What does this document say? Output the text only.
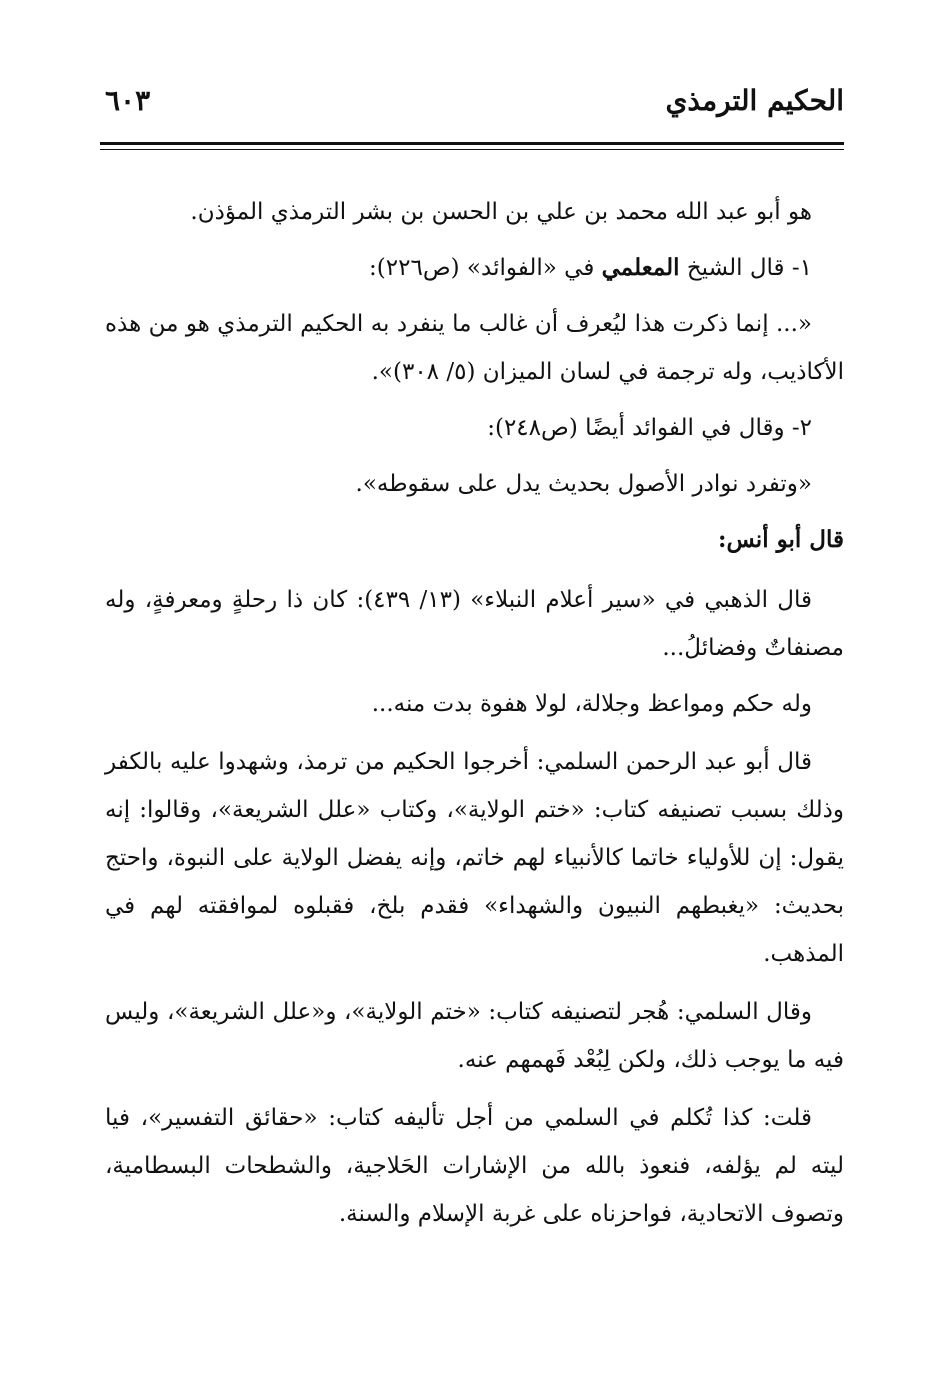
الحكيم الترمذي
٦٠٣

هو أبو عبد الله محمد بن علي بن الحسن بن بشر الترمذي المؤذن.

١- قال الشيخ المعلمي في «الفوائد» (ص٢٢٦):

«... إنما ذكرت هذا ليُعرف أن غالب ما ينفرد به الحكيم الترمذي هو من هذه الأكاذيب، وله ترجمة في لسان الميزان (٥/ ٣٠٨)».

٢- وقال في الفوائد أيضًا (ص٢٤٨):

«وتفرد نوادر الأصول بحديث يدل على سقوطه».

قال أبو أنس:

قال الذهبي في «سير أعلام النبلاء» (١٣/ ٤٣٩): كان ذا رحلةٍ ومعرفةٍ، وله مصنفاتٌ وفضائلُ...

وله حكم ومواعظ وجلالة، لولا هفوة بدت منه...

قال أبو عبد الرحمن السلمي: أخرجوا الحكيم من ترمذ، وشهدوا عليه بالكفر وذلك بسبب تصنيفه كتاب: «ختم الولاية»، وكتاب «علل الشريعة»، وقالوا: إنه يقول: إن للأولياء خاتما كالأنبياء لهم خاتم، وإنه يفضل الولاية على النبوة، واحتج بحديث: «يغبطهم النبيون والشهداء» فقدم بلخ، فقبلوه لموافقته لهم في المذهب.

وقال السلمي: هُجر لتصنيفه كتاب: «ختم الولاية»، و«علل الشريعة»، وليس فيه ما يوجب ذلك، ولكن لِبُعْد فَهمهم عنه.

قلت: كذا تُكلم في السلمي من أجل تأليفه كتاب: «حقائق التفسير»، فيا ليته لم يؤلفه، فنعوذ بالله من الإشارات الحَلاجية، والشطحات البسطامية، وتصوف الاتحادية، فواحزناه على غربة الإسلام والسنة.
